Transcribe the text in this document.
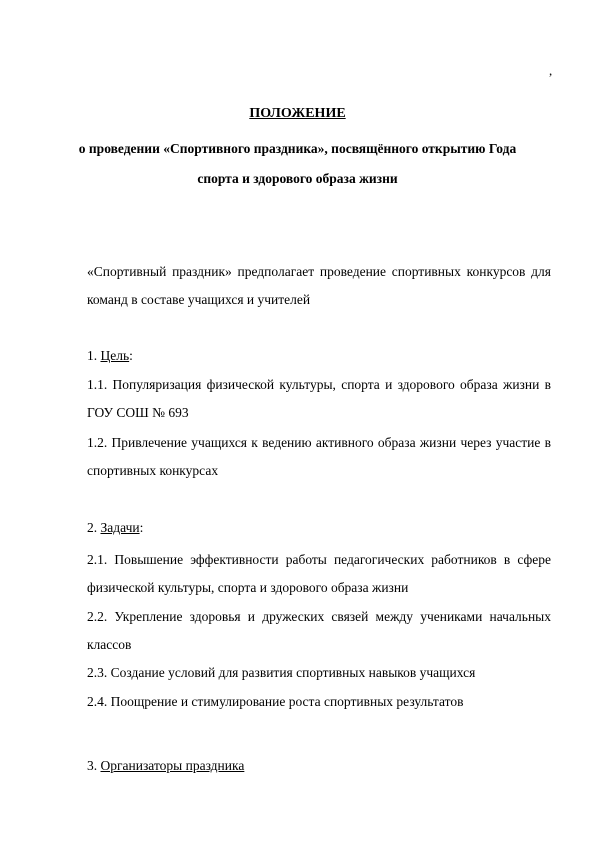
,
ПОЛОЖЕНИЕ
о проведении «Спортивного праздника», посвящённого открытию Года спорта и здорового образа жизни
«Спортивный праздник» предполагает проведение спортивных конкурсов для команд в составе учащихся и учителей
1. Цель:
1.1. Популяризация физической культуры, спорта и здорового образа жизни в ГОУ СОШ № 693
1.2. Привлечение учащихся к ведению активного образа жизни через участие в спортивных конкурсах
2. Задачи:
2.1. Повышение эффективности работы педагогических работников в сфере физической культуры, спорта и здорового образа жизни
2.2. Укрепление здоровья и дружеских связей между учениками начальных классов
2.3. Создание условий для развития спортивных навыков учащихся
2.4. Поощрение и стимулирование роста спортивных результатов
3. Организаторы праздника
